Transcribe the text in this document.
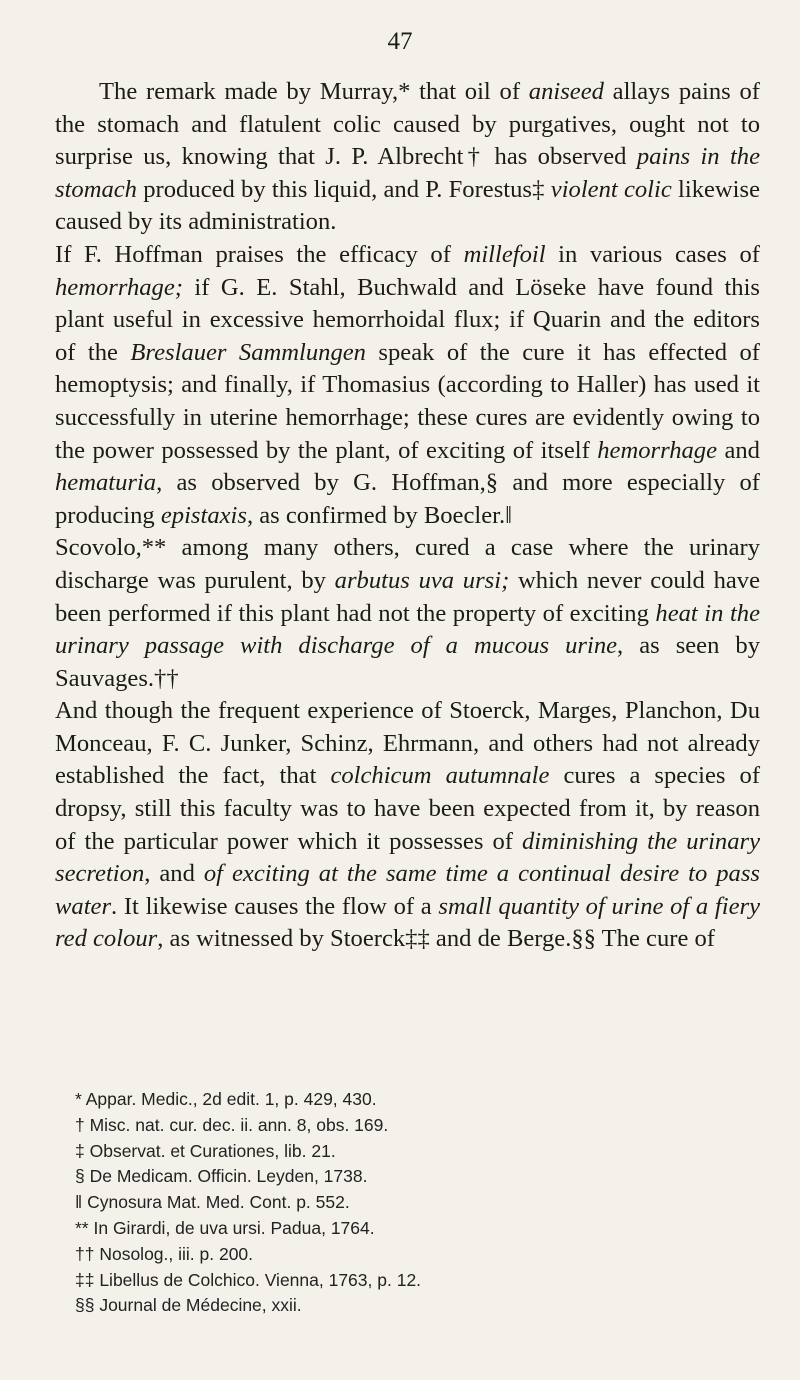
47

The remark made by Murray,* that oil of aniseed allays pains of the stomach and flatulent colic caused by purgatives, ought not to surprise us, knowing that J. P. Albrecht† has observed pains in the stomach produced by this liquid, and P. Forestus‡ violent colic likewise caused by its administration.

If F. Hoffman praises the efficacy of millefoil in various cases of hemorrhage; if G. E. Stahl, Buchwald and Löseke have found this plant useful in excessive hemorrhoidal flux; if Quarin and the editors of the Breslauer Sammlungen speak of the cure it has effected of hemoptysis; and finally, if Thomasius (according to Haller) has used it successfully in uterine hemorrhage; these cures are evidently owing to the power possessed by the plant, of exciting of itself hemorrhage and hematuria, as observed by G. Hoffman,§ and more especially of producing epistaxis, as confirmed by Boecler.‖

Scovolo,** among many others, cured a case where the urinary discharge was purulent, by arbutus uva ursi; which never could have been performed if this plant had not the property of exciting heat in the urinary passage with discharge of a mucous urine, as seen by Sauvages.††

And though the frequent experience of Stoerck, Marges, Planchon, Du Monceau, F. C. Junker, Schinz, Ehrmann, and others had not already established the fact, that colchicum autumnale cures a species of dropsy, still this faculty was to have been expected from it, by reason of the particular power which it possesses of diminishing the urinary secretion, and of exciting at the same time a continual desire to pass water. It likewise causes the flow of a small quantity of urine of a fiery red colour, as witnessed by Stoerck‡‡ and de Berge.§§ The cure of

* Appar. Medic., 2d edit. 1, p. 429, 430.

† Misc. nat. cur. dec. ii. ann. 8, obs. 169.

‡ Observat. et Curationes, lib. 21.

§ De Medicam. Officin. Leyden, 1738.

‖ Cynosura Mat. Med. Cont. p. 552.

** In Girardi, de uva ursi. Padua, 1764.

†† Nosolog., iii. p. 200.

‡‡ Libellus de Colchico. Vienna, 1763, p. 12.

§§ Journal de Médecine, xxii.
